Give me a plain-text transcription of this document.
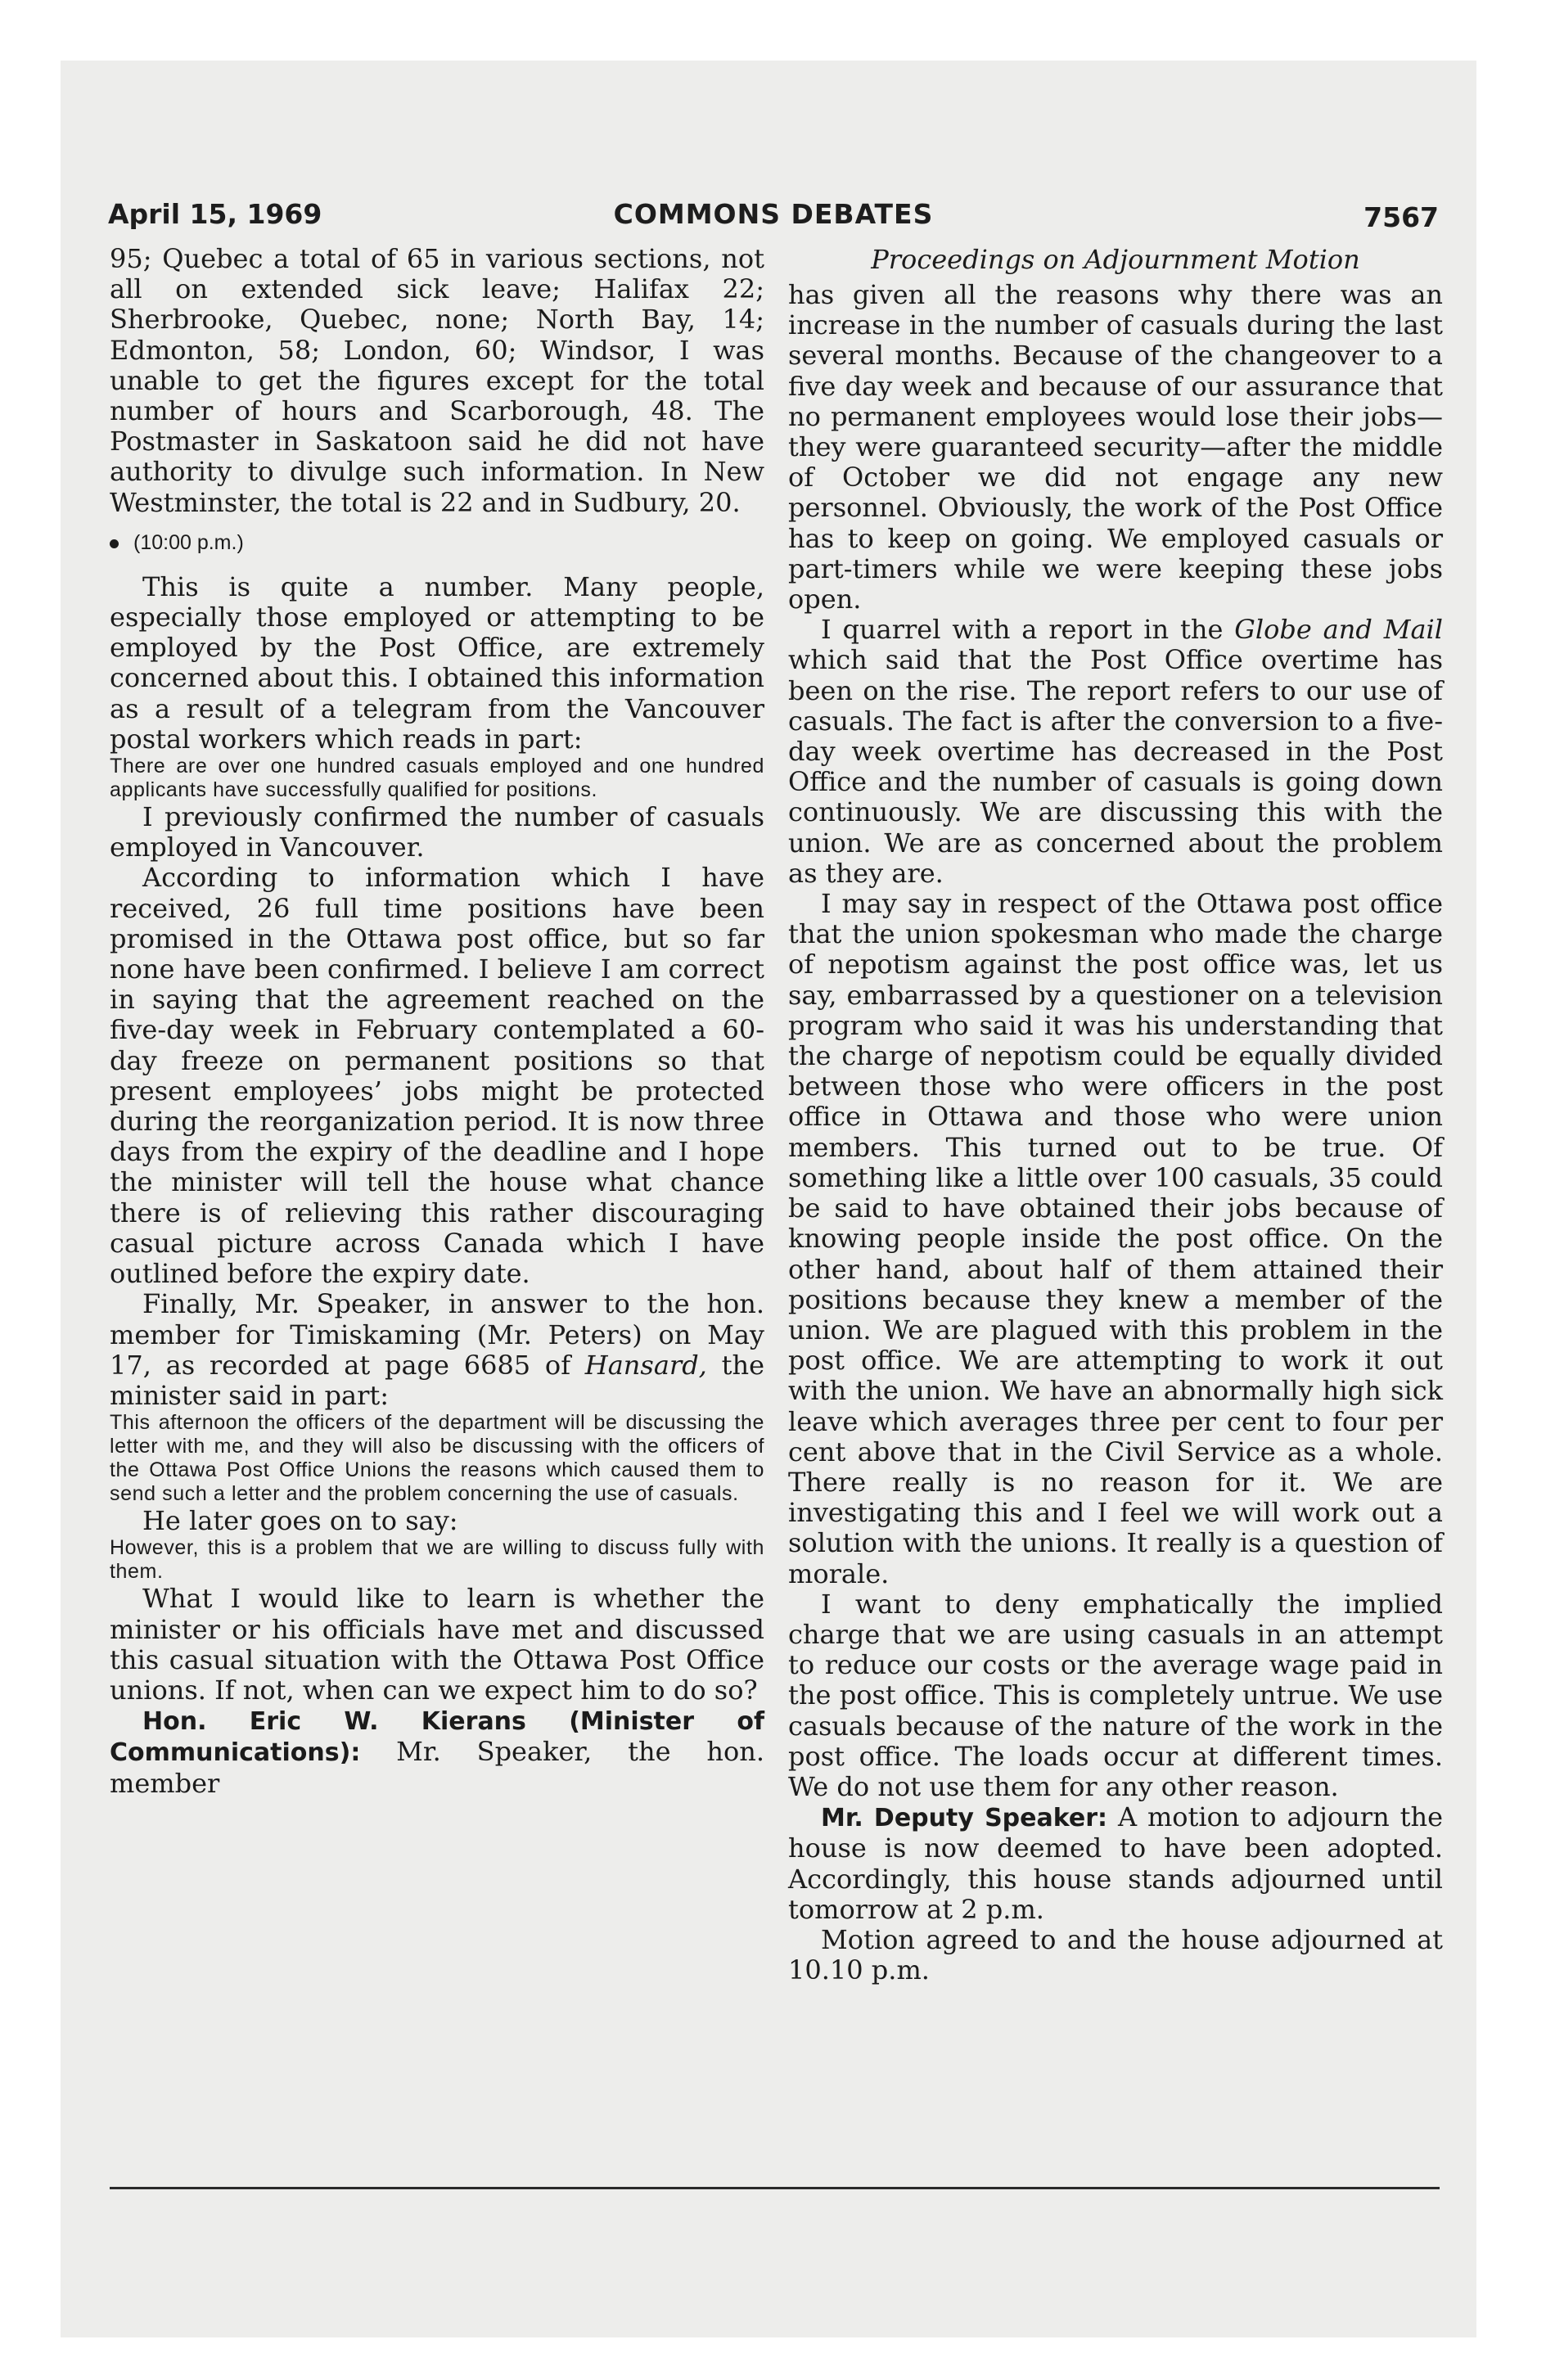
April 15, 1969	COMMONS DEBATES	7567

95; Quebec a total of 65 in various sections, not all on extended sick leave; Halifax 22; Sherbrooke, Quebec, none; North Bay, 14; Edmonton, 58; London, 60; Windsor, I was unable to get the figures except for the total number of hours and Scarborough, 48. The Postmaster in Saskatoon said he did not have authority to divulge such information. In New Westminster, the total is 22 and in Sudbury, 20.

(10:00 p.m.)

This is quite a number. Many people, especially those employed or attempting to be employed by the Post Office, are extremely concerned about this. I obtained this information as a result of a telegram from the Vancouver postal workers which reads in part:

There are over one hundred casuals employed and one hundred applicants have successfully qualified for positions.

I previously confirmed the number of casuals employed in Vancouver.

According to information which I have received, 26 full time positions have been promised in the Ottawa post office, but so far none have been confirmed. I believe I am correct in saying that the agreement reached on the five-day week in February contemplated a 60-day freeze on permanent positions so that present employees’ jobs might be protected during the reorganization period. It is now three days from the expiry of the deadline and I hope the minister will tell the house what chance there is of relieving this rather discouraging casual picture across Canada which I have outlined before the expiry date.

Finally, Mr. Speaker, in answer to the hon. member for Timiskaming (Mr. Peters) on May 17, as recorded at page 6685 of Hansard, the minister said in part:

This afternoon the officers of the department will be discussing the letter with me, and they will also be discussing with the officers of the Ottawa Post Office Unions the reasons which caused them to send such a letter and the problem concerning the use of casuals.

He later goes on to say:

However, this is a problem that we are willing to discuss fully with them.

What I would like to learn is whether the minister or his officials have met and discussed this casual situation with the Ottawa Post Office unions. If not, when can we expect him to do so?

Hon. Eric W. Kierans (Minister of Communications): Mr. Speaker, the hon. member

Proceedings on Adjournment Motion

has given all the reasons why there was an increase in the number of casuals during the last several months. Because of the changeover to a five day week and because of our assurance that no permanent employees would lose their jobs—they were guaranteed security—after the middle of October we did not engage any new personnel. Obviously, the work of the Post Office has to keep on going. We employed casuals or part-timers while we were keeping these jobs open.

I quarrel with a report in the Globe and Mail which said that the Post Office overtime has been on the rise. The report refers to our use of casuals. The fact is after the conversion to a five-day week overtime has decreased in the Post Office and the number of casuals is going down continuously. We are discussing this with the union. We are as concerned about the problem as they are.

I may say in respect of the Ottawa post office that the union spokesman who made the charge of nepotism against the post office was, let us say, embarrassed by a questioner on a television program who said it was his understanding that the charge of nepotism could be equally divided between those who were officers in the post office in Ottawa and those who were union members. This turned out to be true. Of something like a little over 100 casuals, 35 could be said to have obtained their jobs because of knowing people inside the post office. On the other hand, about half of them attained their positions because they knew a member of the union. We are plagued with this problem in the post office. We are attempting to work it out with the union. We have an abnormally high sick leave which averages three per cent to four per cent above that in the Civil Service as a whole. There really is no reason for it. We are investigating this and I feel we will work out a solution with the unions. It really is a question of morale.

I want to deny emphatically the implied charge that we are using casuals in an attempt to reduce our costs or the average wage paid in the post office. This is completely untrue. We use casuals because of the nature of the work in the post office. The loads occur at different times. We do not use them for any other reason.

Mr. Deputy Speaker: A motion to adjourn the house is now deemed to have been adopted. Accordingly, this house stands adjourned until tomorrow at 2 p.m.

Motion agreed to and the house adjourned at 10.10 p.m.
